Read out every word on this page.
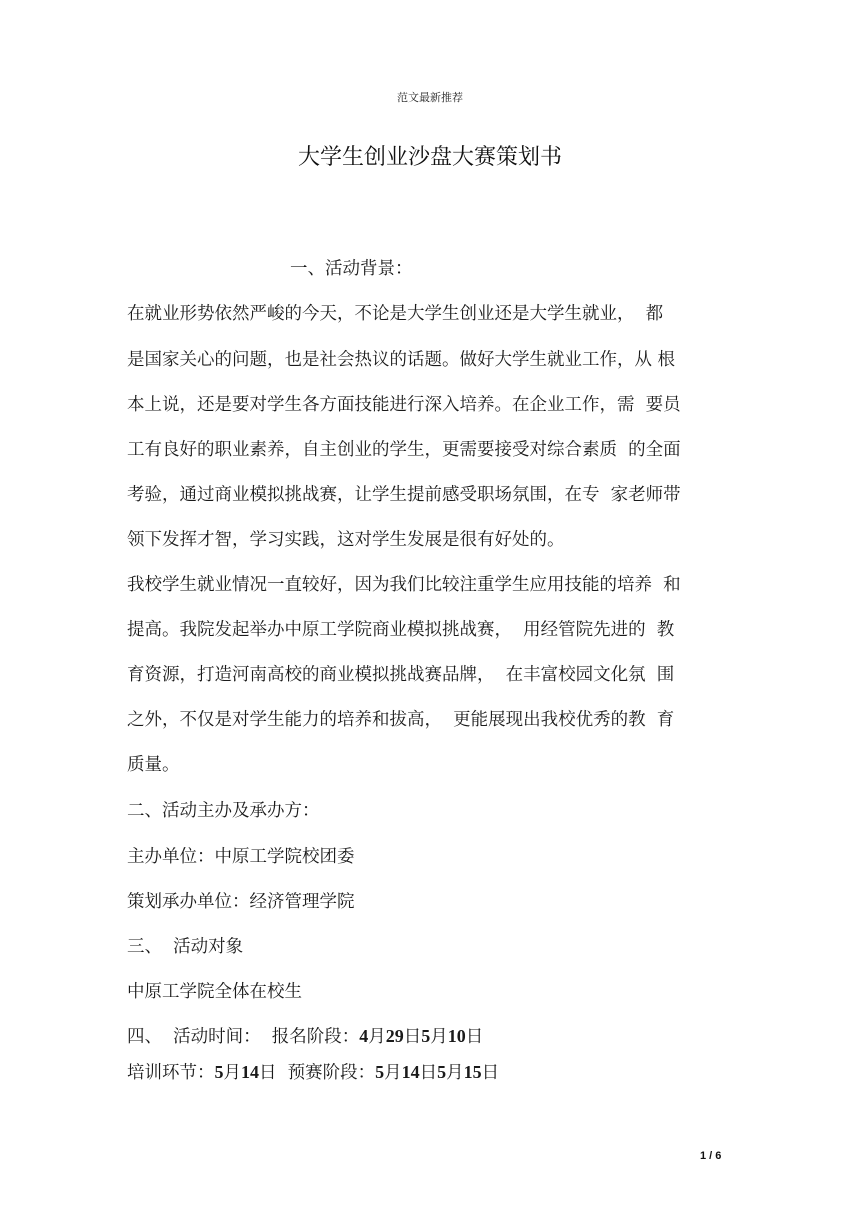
范文最新推荐
大学生创业沙盘大赛策划书
一、活动背景：
在就业形势依然严峻的今天，不论是大学生创业还是大学生就业，  都
是国家关心的问题，也是社会热议的话题。做好大学生就业工作，从 根
本上说，还是要对学生各方面技能进行深入培养。在企业工作，需  要员
工有良好的职业素养，自主创业的学生，更需要接受对综合素质  的全面
考验，通过商业模拟挑战赛，让学生提前感受职场氛围，在专  家老师带
领下发挥才智，学习实践，这对学生发展是很有好处的。
我校学生就业情况一直较好，因为我们比较注重学生应用技能的培养  和
提高。我院发起举办中原工学院商业模拟挑战赛，  用经管院先进的  教
育资源，打造河南高校的商业模拟挑战赛品牌，  在丰富校园文化氛  围
之外，不仅是对学生能力的培养和拔高，  更能展现出我校优秀的教  育
质量。
二、活动主办及承办方：
主办单位：中原工学院校团委
策划承办单位：经济管理学院
三、  活动对象
中原工学院全体在校生
四、  活动时间： 报名阶段：4月29日5月10日
培训环节：5月14日 预赛阶段：5月14日5月15日
1 / 6
